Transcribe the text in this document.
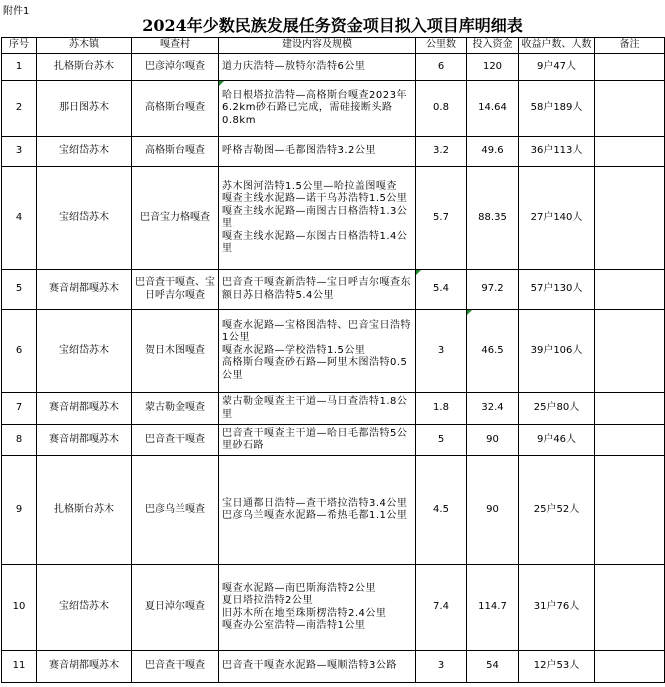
附件1
2024年少数民族发展任务资金项目拟入项目库明细表
序号	苏木镇	嘎查村	建设内容及规模	公里数	投入资金	收益户数、人数	备注
1	扎格斯台苏木	巴彦淖尔嘎查	道力庆浩特—敖特尔浩特6公里	6	120	9户47人	
2	那日图苏木	高格斯台嘎查	哈日根塔拉浩特—高格斯台嘎查2023年6.2km砂石路已完成，需硅接断头路0.8km	0.8	14.64	58户189人	
3	宝绍岱苏木	高格斯台嘎查	呼格吉勒图—毛都图浩特3.2公里	3.2	49.6	36户113人	
4	宝绍岱苏木	巴音宝力格嘎查	苏木图河浩特1.5公里—哈拉盖图嘎查
嘎查主线水泥路—诺干乌苏浩特1.5公里
嘎查主线水泥路—南图古日格浩特1.3公里
嘎查主线水泥路—东图古日格浩特1.4公里	5.7	88.35	27户140人	
5	赛音胡都嘎苏木	巴音査干嘎查、宝日呼吉尔嘎查	巴音查干嘎查新浩特—宝日呼吉尔嘎查东额日苏日格浩特5.4公里	5.4	97.2	57户130人	
6	宝绍岱苏木	贺日木图嘎查	嘎查水泥路—宝格图浩特、巴音宝日浩特1公里
嘎查水泥路—学校浩特1.5公里
高格斯台嘎查砂石路—阿里木图浩特0.5公里	3	46.5	39户106人	
7	赛音胡都嘎苏木	蒙古勒金嘎查	蒙古勒金嘎查主干道—马日查浩特1.8公里	1.8	32.4	25户80人	
8	赛音胡都嘎苏木	巴音查干嘎查	巴音查干嘎查主干道—哈日毛都浩特5公里砂石路	5	90	9户46人	
9	扎格斯台苏木	巴彦乌兰嘎查	宝日通都日浩特—查干塔拉浩特3.4公里
巴彦乌兰嘎查水泥路—希热毛都1.1公里	4.5	90	25户52人	
10	宝绍岱苏木	夏日淖尔嘎查	嘎查水泥路—南巴斯海浩特2公里
夏日塔拉浩特2公里
旧苏木所在地至珠斯楞浩特2.4公里
嘎查办公室浩特—南浩特1公里	7.4	114.7	31户76人	
11	赛音胡都嘎苏木	巴音查干嘎查	巴音查干嘎查水泥路—嘎顺浩特3公路	3	54	12户53人	
